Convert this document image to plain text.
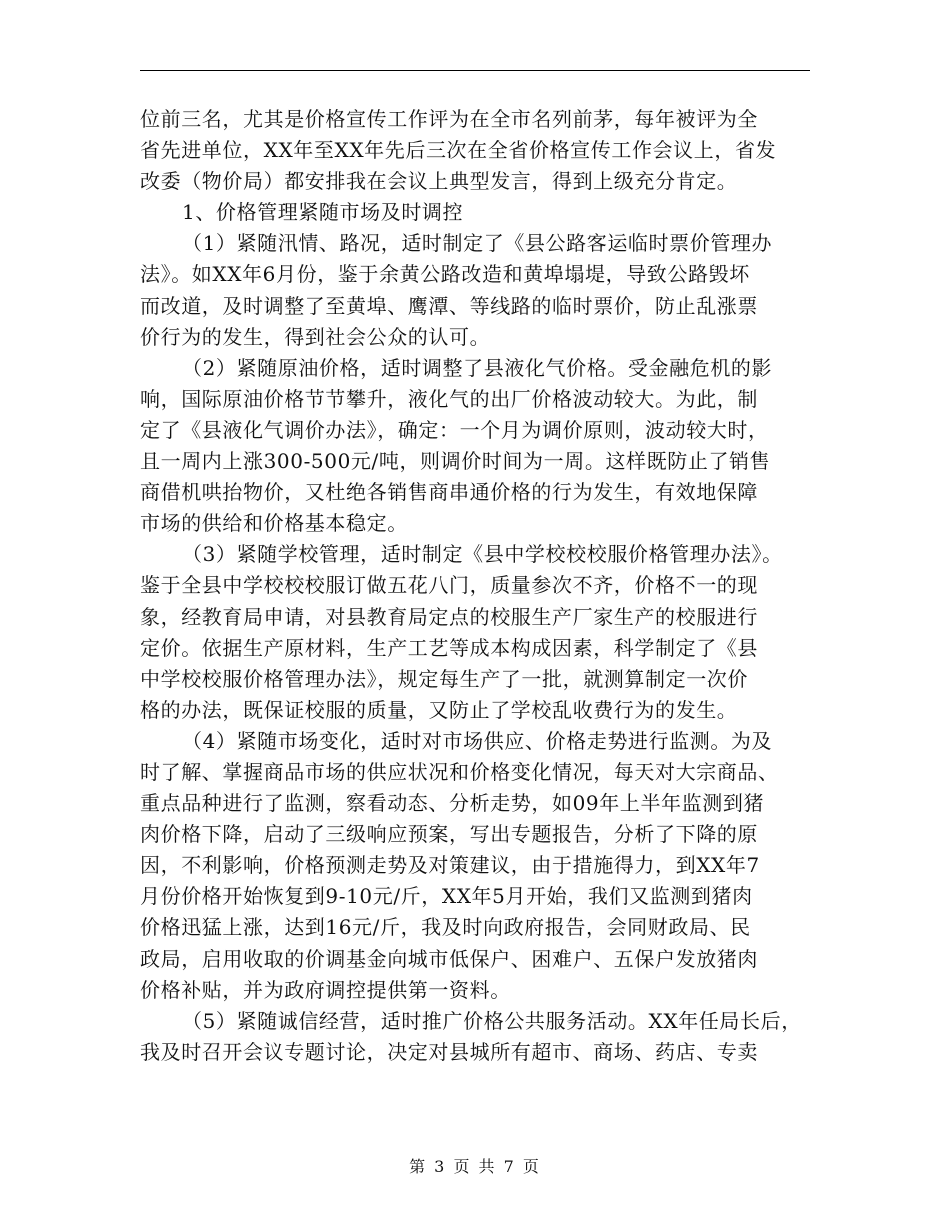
位前三名，尤其是价格宣传工作评为在全市名列前茅，每年被评为全
省先进单位，XX年至XX年先后三次在全省价格宣传工作会议上，省发
改委（物价局）都安排我在会议上典型发言，得到上级充分肯定。
1、价格管理紧随市场及时调控
（1）紧随汛情、路况，适时制定了《县公路客运临时票价管理办
法》。如XX年6月份，鉴于余黄公路改造和黄埠塌堤，导致公路毁坏
而改道，及时调整了至黄埠、鹰潭、等线路的临时票价，防止乱涨票
价行为的发生，得到社会公众的认可。
（2）紧随原油价格，适时调整了县液化气价格。受金融危机的影
响，国际原油价格节节攀升，液化气的出厂价格波动较大。为此，制
定了《县液化气调价办法》，确定：一个月为调价原则，波动较大时，
且一周内上涨300-500元/吨，则调价时间为一周。这样既防止了销售
商借机哄抬物价，又杜绝各销售商串通价格的行为发生，有效地保障
市场的供给和价格基本稳定。
（3）紧随学校管理，适时制定《县中学校校校服价格管理办法》。
鉴于全县中学校校校服订做五花八门，质量参次不齐，价格不一的现
象，经教育局申请，对县教育局定点的校服生产厂家生产的校服进行
定价。依据生产原材料，生产工艺等成本构成因素，科学制定了《县
中学校校服价格管理办法》，规定每生产了一批，就测算制定一次价
格的办法，既保证校服的质量，又防止了学校乱收费行为的发生。
（4）紧随市场变化，适时对市场供应、价格走势进行监测。为及
时了解、掌握商品市场的供应状况和价格变化情况，每天对大宗商品、
重点品种进行了监测，察看动态、分析走势，如09年上半年监测到猪
肉价格下降，启动了三级响应预案，写出专题报告，分析了下降的原
因，不利影响，价格预测走势及对策建议，由于措施得力，到XX年7
月份价格开始恢复到9-10元/斤，XX年5月开始，我们又监测到猪肉
价格迅猛上涨，达到16元/斤，我及时向政府报告，会同财政局、民
政局，启用收取的价调基金向城市低保户、困难户、五保户发放猪肉
价格补贴，并为政府调控提供第一资料。
（5）紧随诚信经营，适时推广价格公共服务活动。XX年任局长后，
我及时召开会议专题讨论，决定对县城所有超市、商场、药店、专卖
第 3 页 共 7 页
